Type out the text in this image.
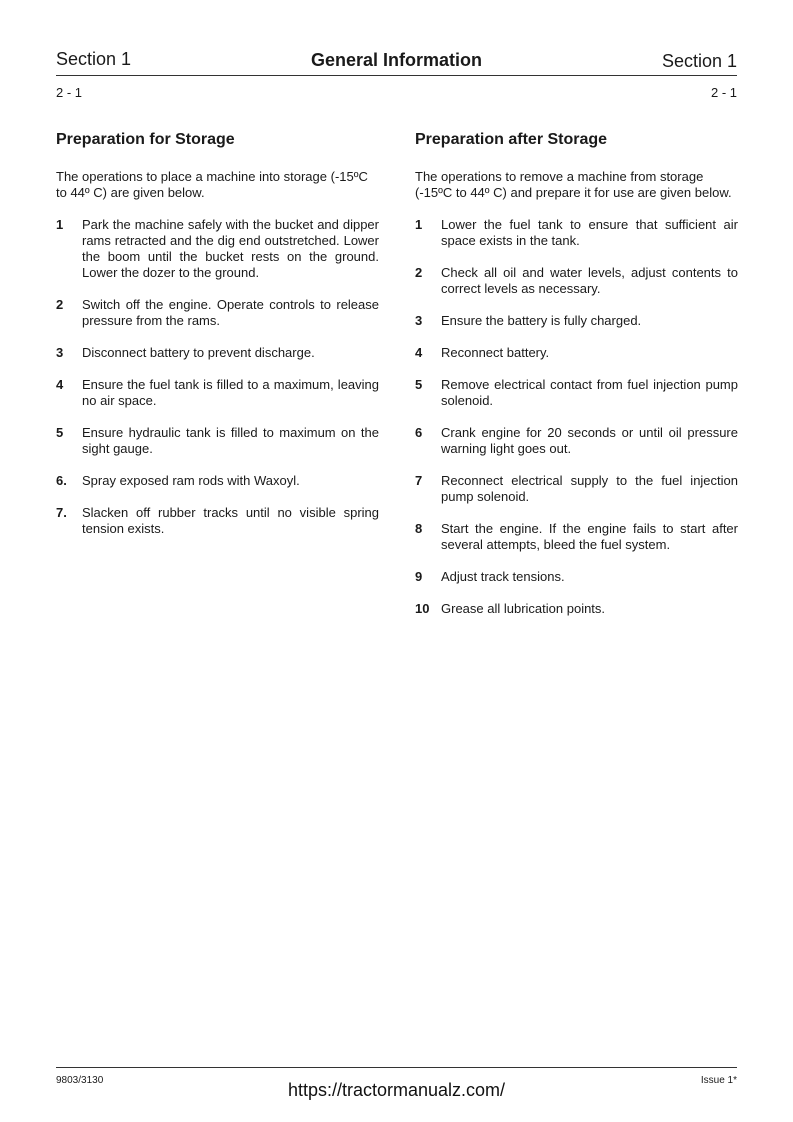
Section 1	General Information	Section 1
2 - 1	2 - 1
Preparation for Storage

The operations to place a machine into storage (-15ºC to 44º C) are given below.

1	Park the machine safely with the bucket and dipper rams retracted and the dig end outstretched. Lower the boom until the bucket rests on the ground. Lower the dozer to the ground.
2	Switch off the engine. Operate controls to release pressure from the rams.
3	Disconnect battery to prevent discharge.
4	Ensure the fuel tank is filled to a maximum, leaving no air space.
5	Ensure hydraulic tank is filled to maximum on the sight gauge.
6.	Spray exposed ram rods with Waxoyl.
7.	Slacken off rubber tracks until no visible spring tension exists.
Preparation after Storage

The operations to remove a machine from storage (-15ºC to 44º C) and prepare it for use are given below.

1	Lower the fuel tank to ensure that sufficient air space exists in the tank.
2	Check all oil and water levels, adjust contents to correct levels as necessary.
3	Ensure the battery is fully charged.
4	Reconnect battery.
5	Remove electrical contact from fuel injection pump solenoid.
6	Crank engine for 20 seconds or until oil pressure warning light goes out.
7	Reconnect electrical supply to the fuel injection pump solenoid.
8	Start the engine. If the engine fails to start after several attempts, bleed the fuel system.
9	Adjust track tensions.
10 Grease all lubrication points.
9803/3130	Issue 1*
https://tractormanualz.com/
